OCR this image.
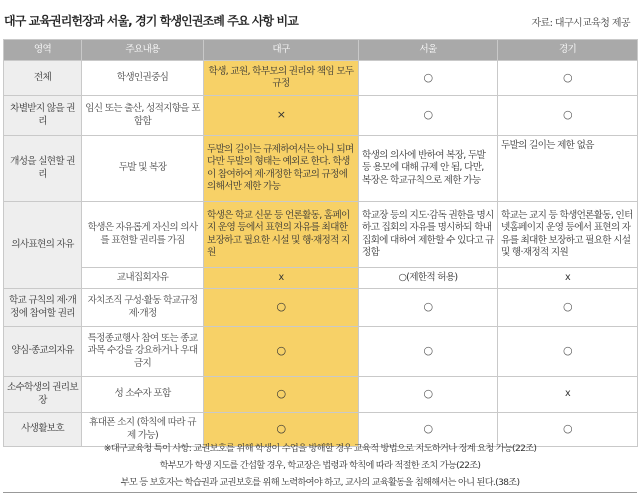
대구 교육권리헌장과 서울, 경기 학생인권조례 주요 사항 비교	자료: 대구시교육청 제공
영역	주요내용	대구	서울	경기
전체	학생인권중심	학생, 교원, 학부모의 권리와 책임 모두 규정	○	○
차별받지 않을 권리	임신 또는 출산, 성적지향을 포함함	×	○	○
개성을 실현할 권리	두발 및 복장	두발의 길이는 규제하여서는 아니 되며 다만 두발의 형태는 예외로 한다. 학생이 참여하여 제·개정한 학교의 규정에 의해서만 제한 가능	학생의 의사에 반하여 복장, 두발 등 용모에 대해 규제 안 됨, 다만, 복장은 학교규칙으로 제한 가능	두발의 길이는 제한 없음
의사표현의 자유	학생은 자유롭게 자신의 의사를 표현할 권리를 가짐	학생은 학교 신문 등 언론활동, 홈페이지 운영 등에서 표현의 자유를 최대한 보장하고 필요한 시설 및 행·재정적 지원	학교장 등의 지도·감독 권한을 명시하고 집회의 자유를 명시하되 학내 집회에 대하여 제한할 수 있다고 규정함	학교는 교지 등 학생언론활동, 인터넷홈페이지 운영 등에서 표현의 자유를 최대한 보장하고 필요한 시설 및 행·재정적 지원
	교내집회자유	x	○(제한적 허용)	x
학교 규칙의 제·개정에 참여할 권리	자치조직 구성·활동 학교규정 제·개정	○	○	○
양심·종교의자유	특정종교행사 참여 또는 종교과목 수강을 강요하거나 우대 금지	○	○	○
소수학생의 권리보장	성 소수자 포함	○	○	x
사생활보호	휴대폰 소지 (학칙에 따라 규제 가능)	○	○	○
※대구교육청 특이 사항: 교권보호를 위해 학생이 수업을 방해할 경우 교육적 방법으로 지도하거나 징계 요청 가능(22조)
학부모가 학생 지도를 간섭할 경우, 학교장은 법령과 학칙에 따라 적절한 조치 가능(22조)
부모 등 보호자는 학습권과 교권보호를 위해 노력하여야 하고, 교사의 교육활동을 침해해서는 아니 된다.(38조)
